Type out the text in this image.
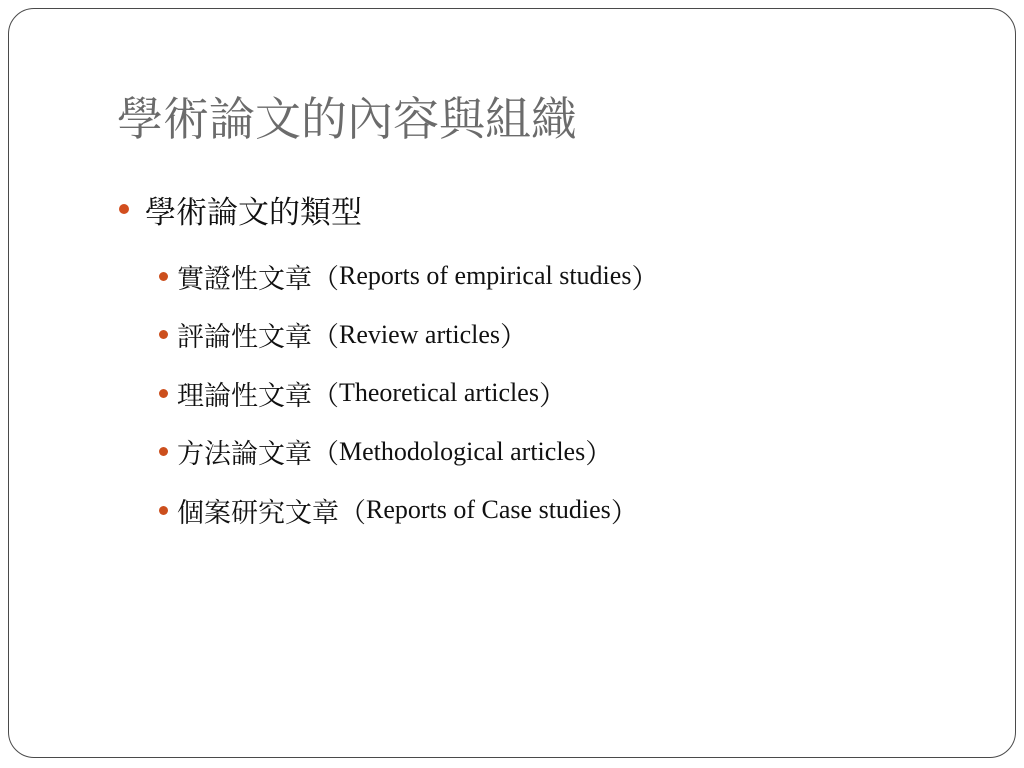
學術論文的內容與組織
學術論文的類型
實證性文章（ Reports of empirical studies ）
評論性文章（ Review articles ）
理論性文章（ Theoretical articles ）
方法論文章（ Methodological articles ）
個案研究文章（ Reports of Case studies ）
